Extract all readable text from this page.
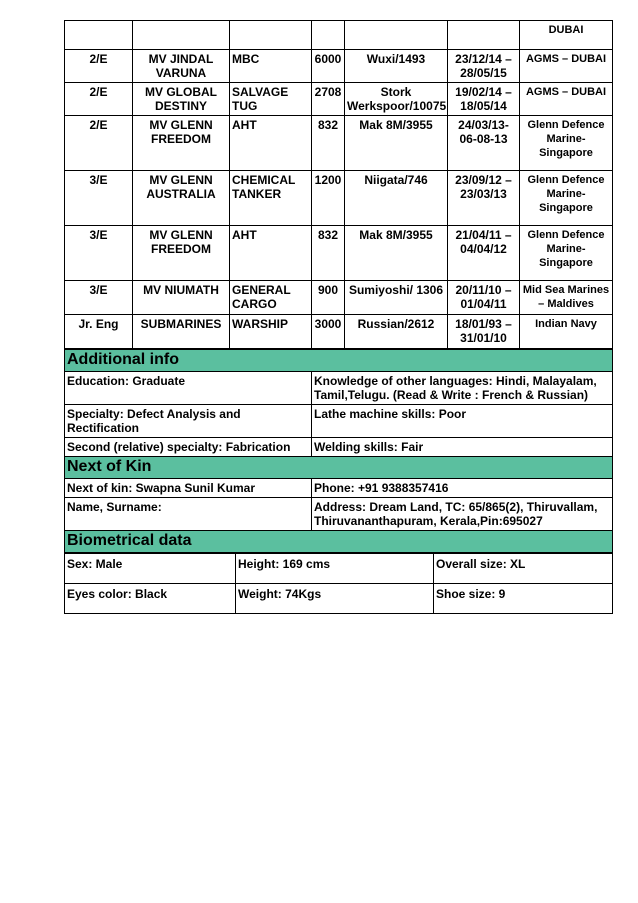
						DUBAI
2/E	MV JINDAL VARUNA	MBC	6000	Wuxi/1493	23/12/14 – 28/05/15	AGMS – DUBAI
2/E	MV GLOBAL DESTINY	SALVAGE TUG	2708	Stork Werkspoor/10075	19/02/14 – 18/05/14	AGMS – DUBAI
2/E	MV GLENN FREEDOM	AHT	832	Mak 8M/3955	24/03/13-06-08-13	Glenn Defence Marine-Singapore
3/E	MV GLENN AUSTRALIA	CHEMICAL TANKER	1200	Niigata/746	23/09/12 – 23/03/13	Glenn Defence Marine-Singapore
3/E	MV GLENN FREEDOM	AHT	832	Mak 8M/3955	21/04/11 – 04/04/12	Glenn Defence Marine-Singapore
3/E	MV NIUMATH	GENERAL CARGO	900	Sumiyoshi/ 1306	20/11/10 – 01/04/11	Mid Sea Marines – Maldives
Jr. Eng	SUBMARINES	WARSHIP	3000	Russian/2612	18/01/93 – 31/01/10	Indian Navy
Additional info	
Education: Graduate	Knowledge of other languages: Hindi, Malayalam, Tamil,Telugu. (Read & Write : French & Russian)
Specialty: Defect Analysis and Rectification	Lathe machine skills: Poor
Second (relative) specialty: Fabrication	Welding skills: Fair
Next of Kin	
Next of kin: Swapna Sunil Kumar	Phone: +91 9388357416
Name, Surname:	Address: Dream Land, TC: 65/865(2), Thiruvallam, Thiruvananthapuram, Kerala,Pin:695027
Biometrical data	
Sex: Male	Height: 169 cms	Overall size: XL
Eyes color: Black	Weight: 74Kgs	Shoe size: 9
